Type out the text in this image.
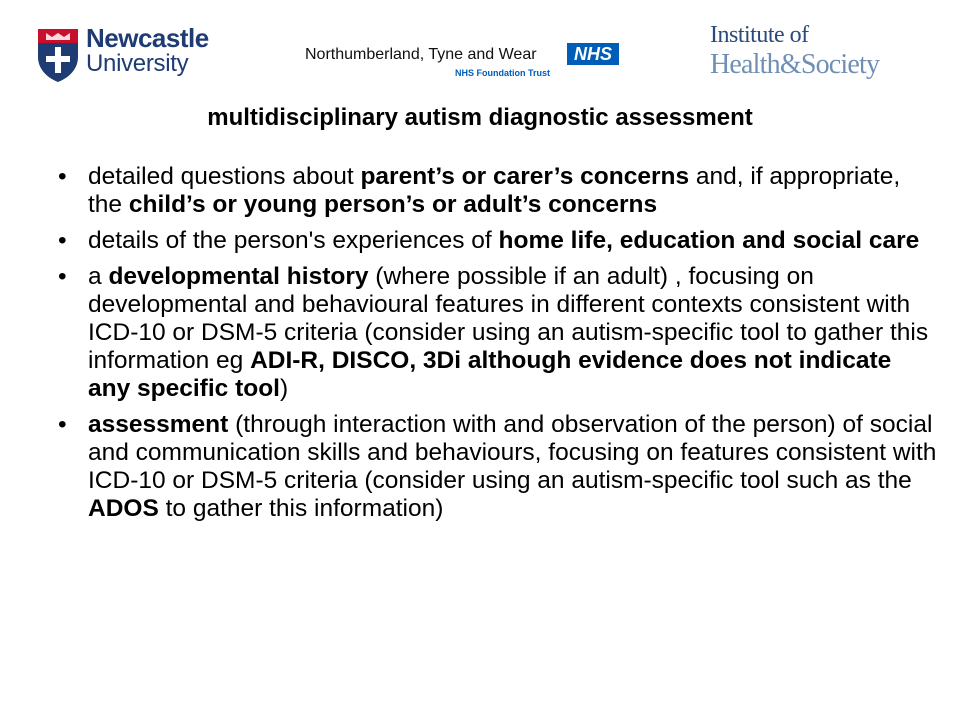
Newcastle
University	Northumberland, Tyne and Wear	NHS
NHS Foundation Trust
Institute of
Health&Society
multidisciplinary autism diagnostic assessment
• detailed questions about parent’s or carer’s concerns and, if appropriate, the child’s or young person’s or adult’s concerns
• details of the person's experiences of home life, education and social care
• a developmental history (where possible if an adult) , focusing on developmental and behavioural features in different contexts consistent with ICD-10 or DSM-5 criteria (consider using an autism-specific tool to gather this information eg ADI-R, DISCO, 3Di although evidence does not indicate any specific tool)
• assessment (through interaction with and observation of the person) of social and communication skills and behaviours, focusing on features consistent with ICD-10 or DSM-5 criteria (consider using an autism-specific tool such as the ADOS to gather this information)
